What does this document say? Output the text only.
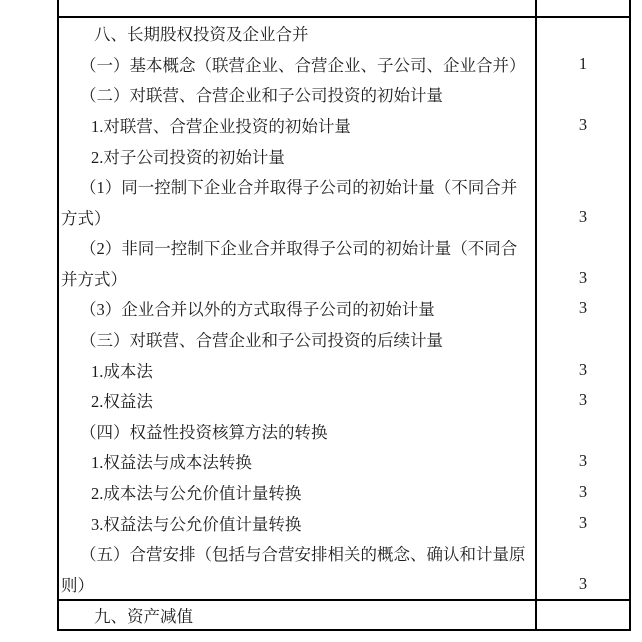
八、长期股权投资及企业合并
（一）基本概念（联营企业、合营企业、子公司、企业合并）	1
（二）对联营、合营企业和子公司投资的初始计量
1.对联营、合营企业投资的初始计量	3
2.对子公司投资的初始计量
（1）同一控制下企业合并取得子公司的初始计量（不同合并
方式）	3
（2）非同一控制下企业合并取得子公司的初始计量（不同合
并方式）	3
（3）企业合并以外的方式取得子公司的初始计量	3
（三）对联营、合营企业和子公司投资的后续计量
1.成本法	3
2.权益法	3
（四）权益性投资核算方法的转换
1.权益法与成本法转换	3
2.成本法与公允价值计量转换	3
3.权益法与公允价值计量转换	3
（五）合营安排（包括与合营安排相关的概念、确认和计量原
则）	3
九、资产减值
